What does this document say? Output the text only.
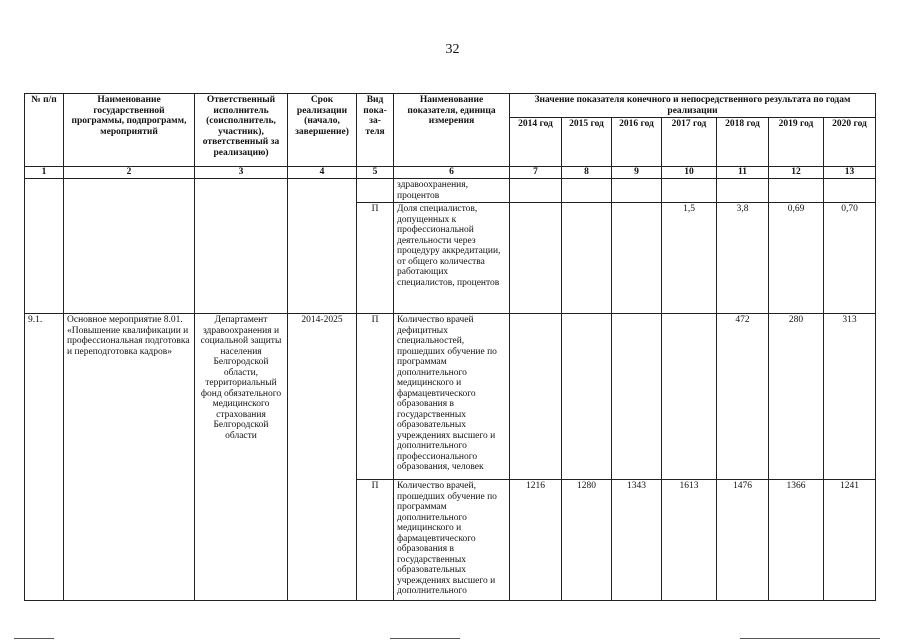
32
№ п/п	Наименование государственной программы, подпрограмм, мероприятий	Ответственный исполнитель (соисполнитель, участник), ответственный за реализацию)	Срок реализации (начало, завершение)	Вид пока-за-теля	Наименование показателя, единица измерения	Значение показателя конечного и непосредственного результата по годам реализации						
						2014 год	2015 год	2016 год	2017 год	2018 год	2019 год	2020 год
1	2	3	4	5	6	7	8	9	10	11	12	13
					здравоохранения, процентов							
				П	Доля специалистов, допущенных к профессиональной деятельности через процедуру аккредитации, от общего количества работающих специалистов, процентов				1,5	3,8	0,69	0,70
9.1.	Основное мероприятие 8.01. «Повышение квалификации и профессиональная подготовка и переподготовка кадров»	Департамент здравоохранения и социальной защиты населения Белгородской области, территориальный фонд обязательного медицинского страхования Белгородской области	2014-2025	П	Количество врачей дефицитных специальностей, прошедших обучение по программам дополнительного медицинского и фармацевтического образования в государственных образовательных учреждениях высшего и дополнительного профессионального образования, человек					472	280	313
				П	Количество врачей, прошедших обучение по программам дополнительного медицинского и фармацевтического образования в государственных образовательных учреждениях высшего и дополнительного	1216	1280	1343	1613	1476	1366	1241
